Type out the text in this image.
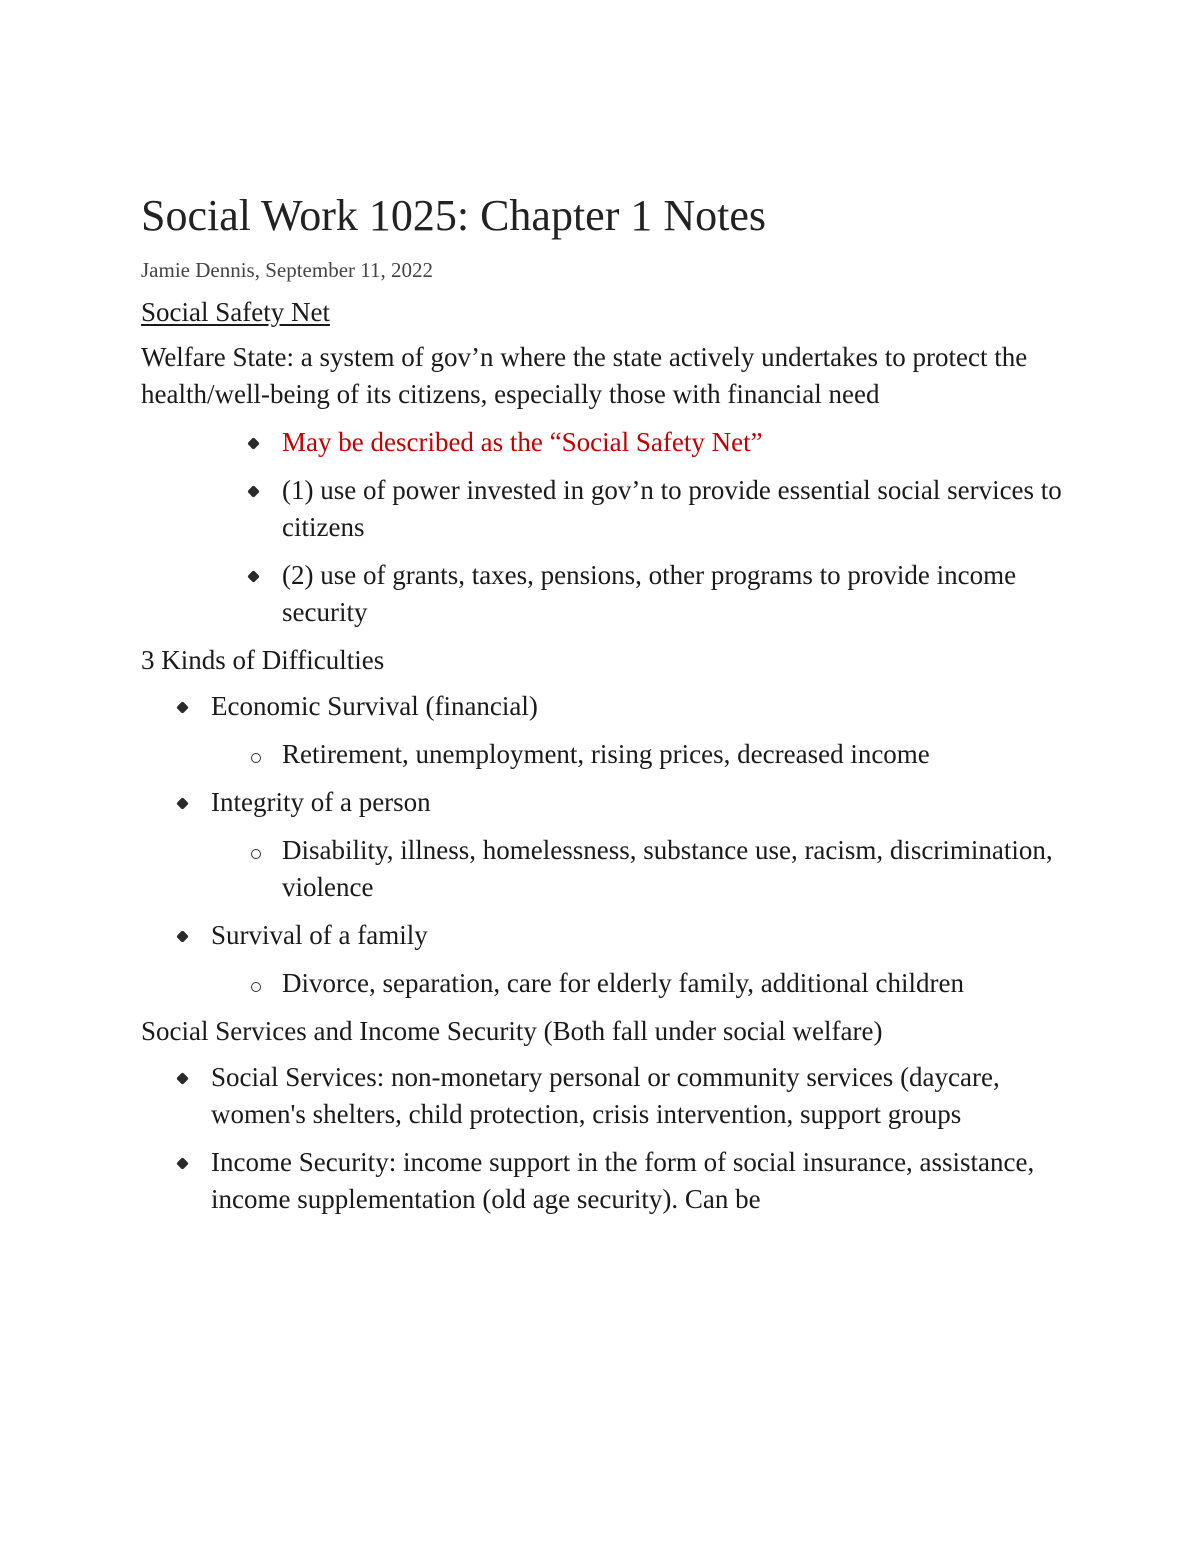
Social Work 1025: Chapter 1 Notes
Jamie Dennis, September 11, 2022
Social Safety Net
Welfare State: a system of gov’n where the state actively undertakes to protect the health/well-being of its citizens, especially those with financial need
May be described as the “Social Safety Net”
(1) use of power invested in gov’n to provide essential social services to citizens
(2) use of grants, taxes, pensions, other programs to provide income security
3 Kinds of Difficulties
Economic Survival (financial)
Retirement, unemployment, rising prices, decreased income
Integrity of a person
Disability, illness, homelessness, substance use, racism, discrimination, violence
Survival of a family
Divorce, separation, care for elderly family, additional children
Social Services and Income Security (Both fall under social welfare)
Social Services: non-monetary personal or community services (daycare, women's shelters, child protection, crisis intervention, support groups
Income Security: income support in the form of social insurance, assistance, income supplementation (old age security). Can be
